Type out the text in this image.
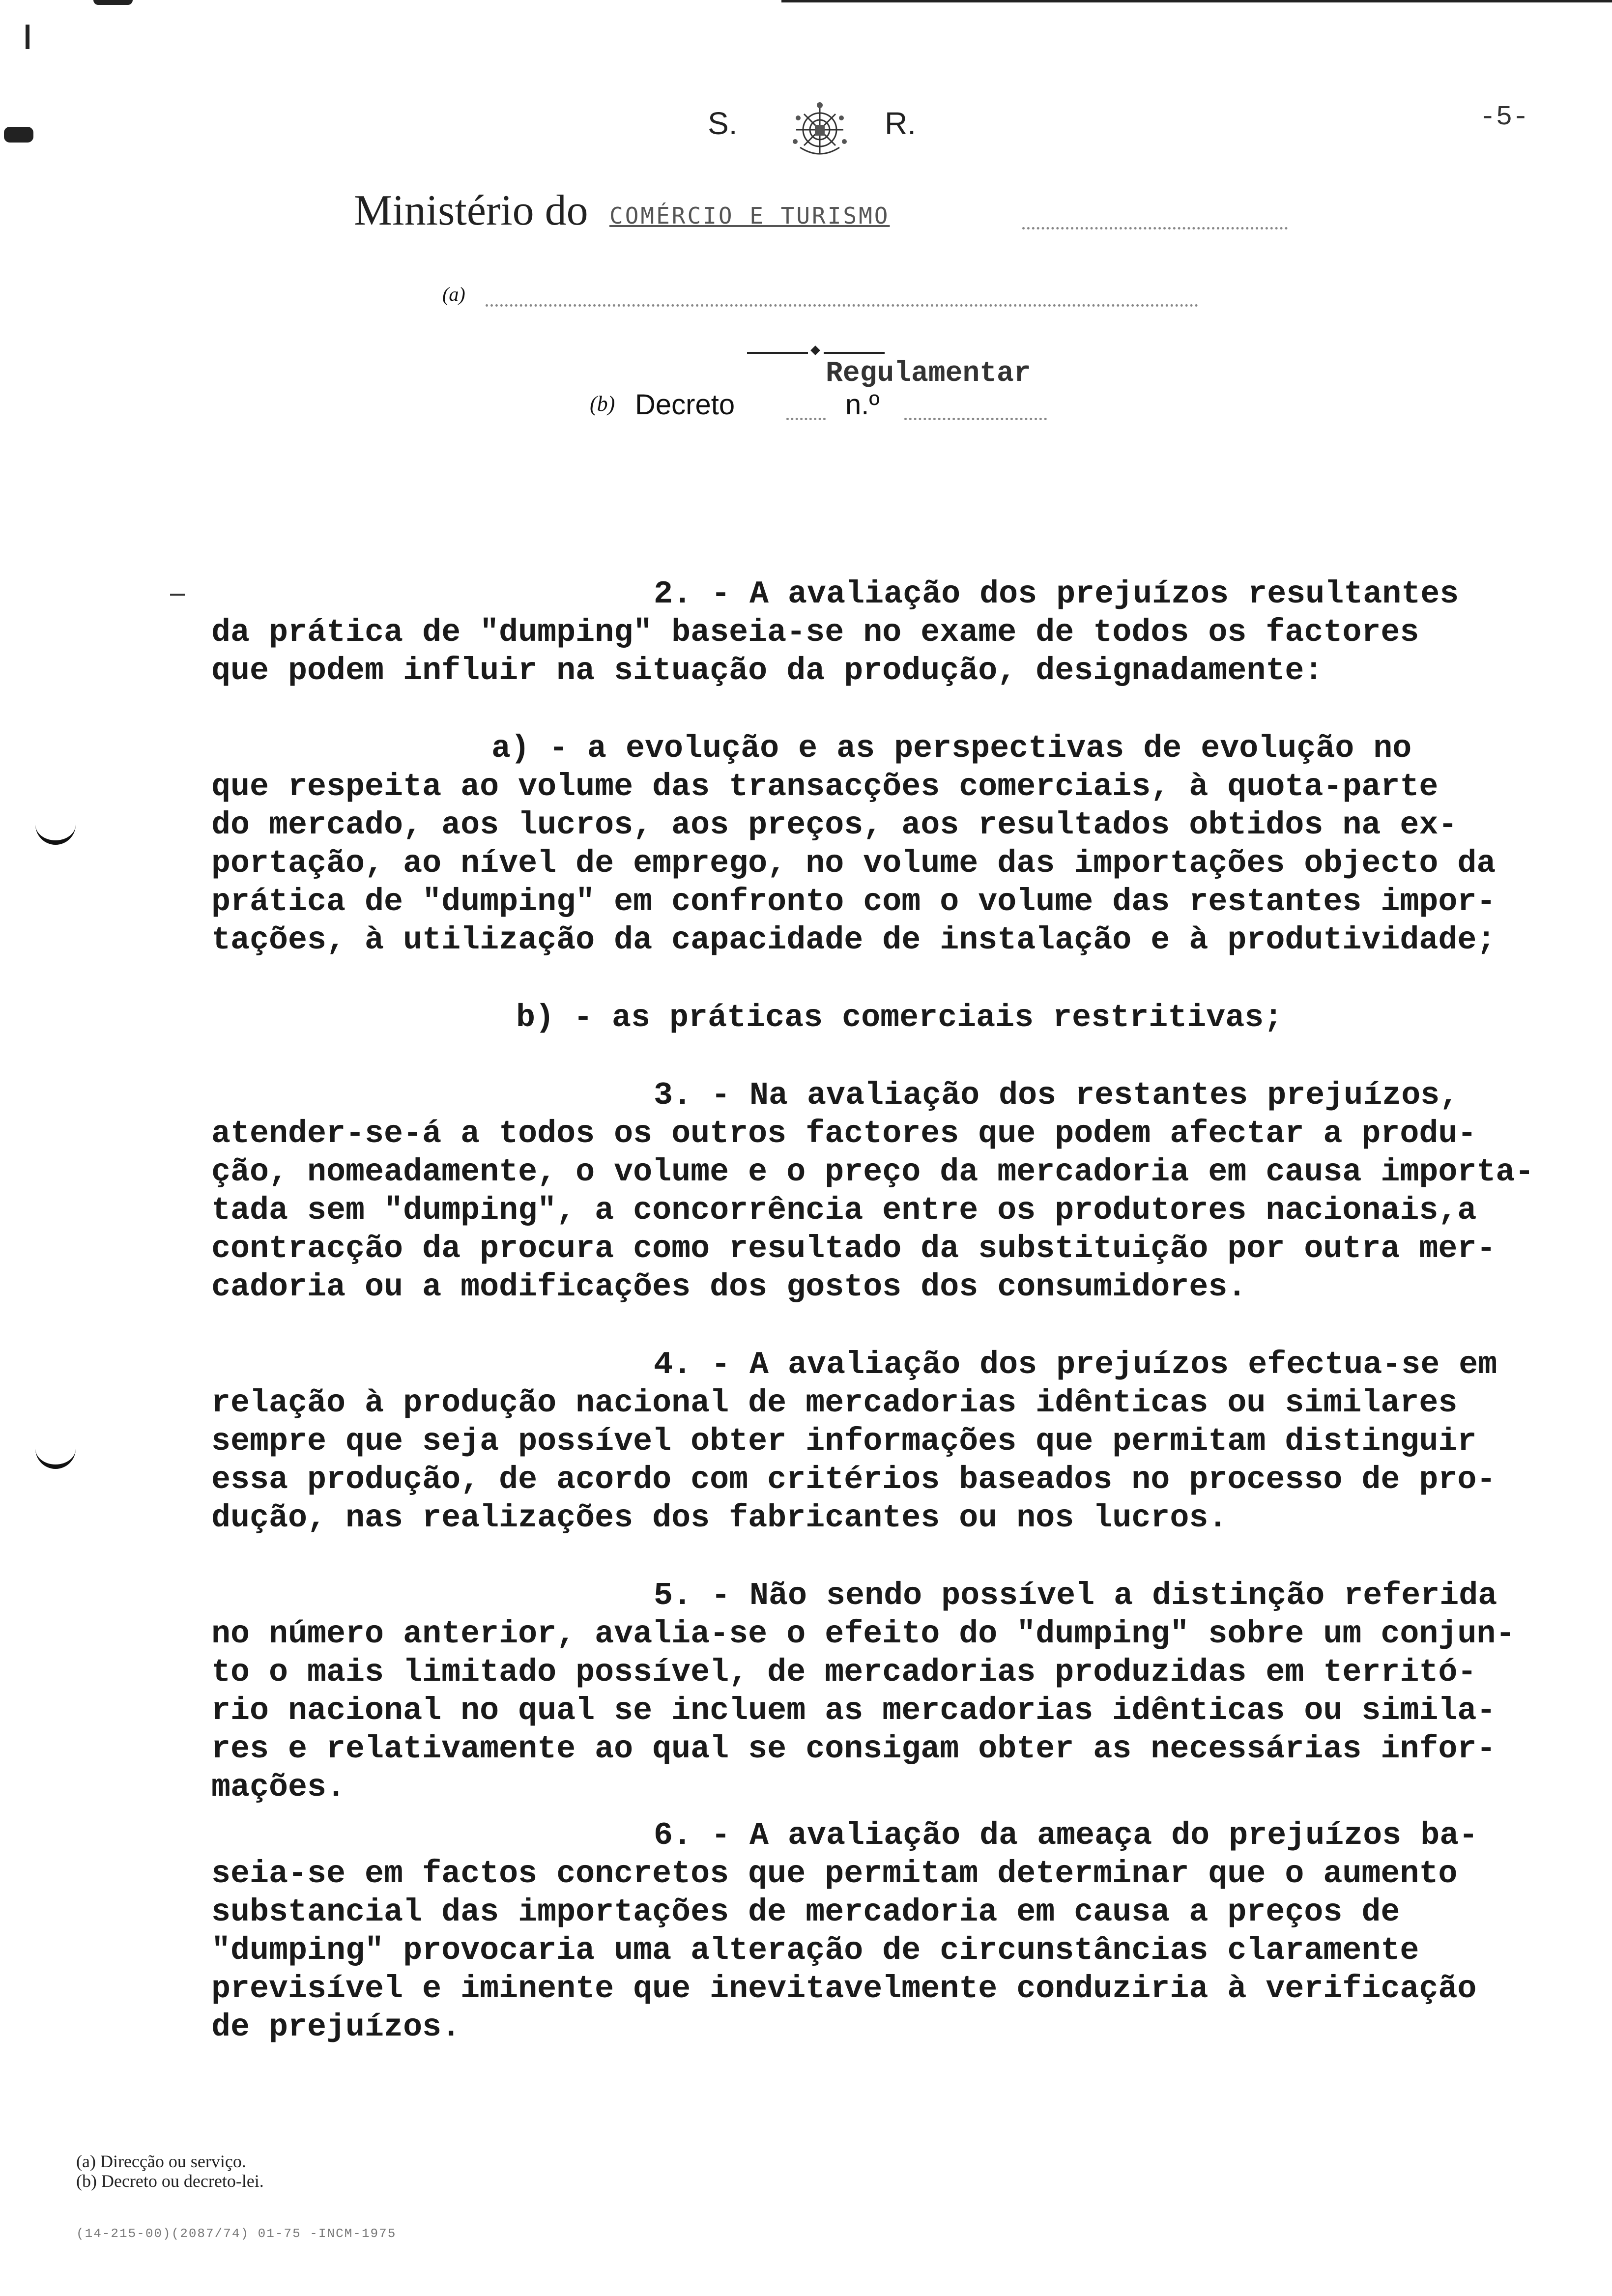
S.	R.	-5-
Ministério do COMÉRCIO E TURISMO
(a)
Regulamentar
(b) Decreto	n.º
2. - A avaliação dos prejuízos resultantes
da prática de "dumping" baseia-se no exame de todos os factores
que podem influir na situação da produção, designadamente:
a) - a evolução e as perspectivas de evolução no
que respeita ao volume das transacções comerciais, à quota-parte
do mercado, aos lucros, aos preços, aos resultados obtidos na ex-
portação, ao nível de emprego, no volume das importações objecto da
prática de "dumping" em confronto com o volume das restantes impor-
tações, à utilização da capacidade de instalação e à produtividade;
b) - as práticas comerciais restritivas;
3. - Na avaliação dos restantes prejuízos,
atender-se-á a todos os outros factores que podem afectar a produ-
ção, nomeadamente, o volume e o preço da mercadoria em causa importa-
tada sem "dumping", a concorrência entre os produtores nacionais,a
contracção da procura como resultado da substituição por outra mer-
cadoria ou a modificações dos gostos dos consumidores.
4. - A avaliação dos prejuízos efectua-se em
relação à produção nacional de mercadorias idênticas ou similares
sempre que seja possível obter informações que permitam distinguir
essa produção, de acordo com critérios baseados no processo de pro-
dução, nas realizações dos fabricantes ou nos lucros.
5. - Não sendo possível a distinção referida
no número anterior, avalia-se o efeito do "dumping" sobre um conjun-
to o mais limitado possível, de mercadorias produzidas em territó-
rio nacional no qual se incluem as mercadorias idênticas ou simila-
res e relativamente ao qual se consigam obter as necessárias infor-
mações.
6. - A avaliação da ameaça do prejuízos ba-
seia-se em factos concretos que permitam determinar que o aumento
substancial das importações de mercadoria em causa a preços de
"dumping" provocaria uma alteração de circunstâncias claramente
previsível e iminente que inevitavelmente conduziria à verificação
de prejuízos.
(a) Direcção ou serviço.
(b) Decreto ou decreto-lei.
(14-215-00)(2087/74) 01-75 -INCM-1975
